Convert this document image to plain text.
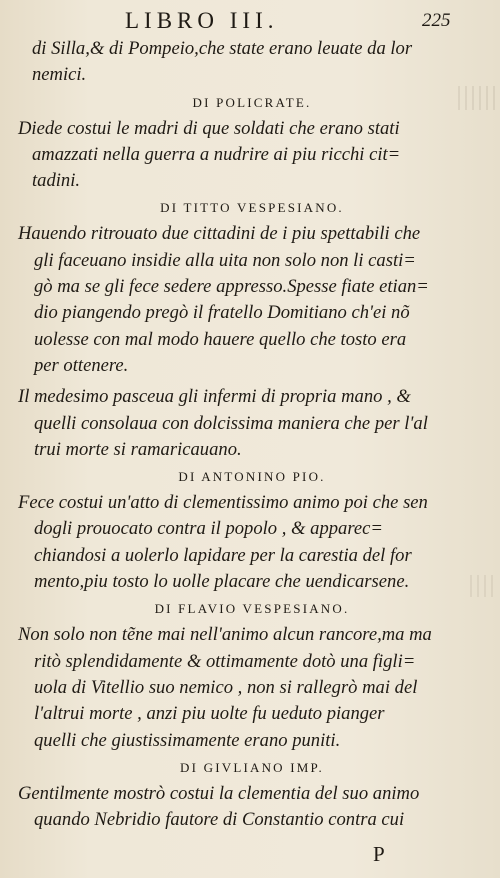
LIBRO III.	225
di Silla,& di Pompeio,che state erano leuate da lor
nemici.
DI POLICRATE.
Diede costui le madri di que soldati che erano stati
amazzati nella guerra a nudrire ai piu ricchi cit=
tadini.
DI TITTO VESPESIANO.
Hauendo ritrouato due cittadini de i piu spettabili che
gli faceuano insidie alla uita non solo non li casti=
gò ma se gli fece sedere appresso.Spesse fiate etian=
dio piangendo pregò il fratello Domitiano ch'ei nõ
uolesse con mal modo hauere quello che tosto era
per ottenere.
Il medesimo pasceua gli infermi di propria mano , &
quelli consolaua con dolcissima maniera che per l'al
trui morte si ramaricauano.
DI ANTONINO PIO.
Fece costui un'atto di clementissimo animo poi che sen
dogli prouocato contra il popolo , & apparec=
chiandosi a uolerlo lapidare per la carestia del for
mento,piu tosto lo uolle placare che uendicarsene.
DI FLAVIO VESPESIANO.
Non solo non tẽne mai nell'animo alcun rancore,ma ma
ritò splendidamente & ottimamente dotò una figli=
uola di Vitellio suo nemico , non si rallegrò mai del
l'altrui morte , anzi piu uolte fu ueduto pianger
quelli che giustissimamente erano puniti.
DI GIVLIANO IMP.
Gentilmente mostrò costui la clementia del suo animo
quando Nebridio fautore di Constantio contra cui
P
